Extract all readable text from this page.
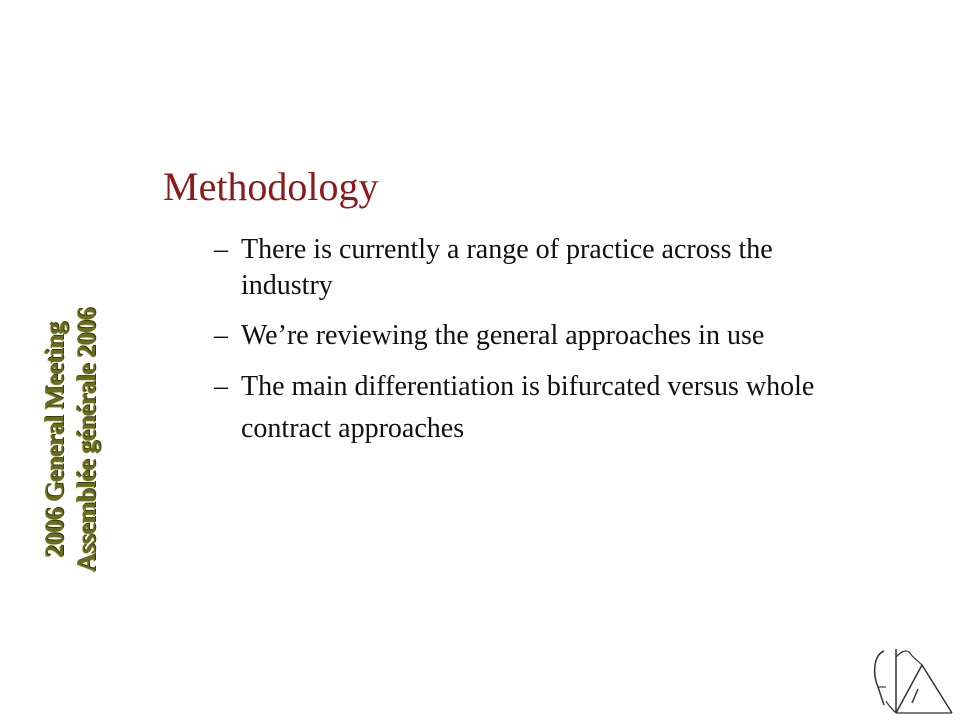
2006 General Meeting Assemblée générale 2006
Methodology
– There is currently a range of practice across the industry
– We’re reviewing the general approaches in use
– The main differentiation is bifurcated versus whole contract approaches
